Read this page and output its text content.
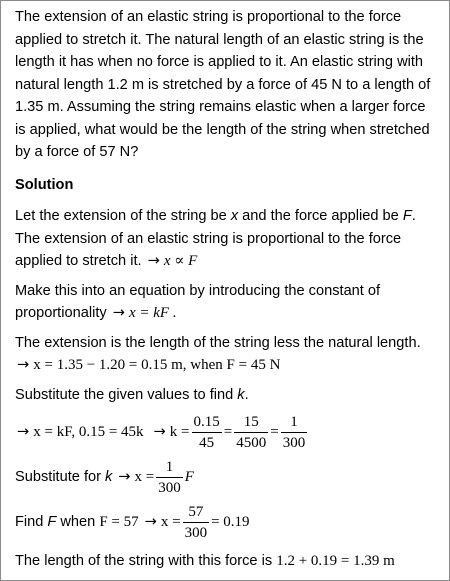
The extension of an elastic string is proportional to the force applied to stretch it. The natural length of an elastic string is the length it has when no force is applied to it. An elastic string with natural length 1.2 m is stretched by a force of 45 N to a length of 1.35 m. Assuming the string remains elastic when a larger force is applied, what would be the length of the string when stretched by a force of 57 N?

Solution

Let the extension of the string be x and the force applied be F. The extension of an elastic string is proportional to the force applied to stretch it. → x ∝ F

Make this into an equation by introducing the constant of proportionality → x = kF .

The extension is the length of the string less the natural length.
→ x = 1.35 − 1.20 = 0.15 m, when F = 45 N

Substitute the given values to find k.

→ x = kF, $0.15 = 45k \to k = \frac{0.15}{45} = \frac{15}{4500} = \frac{1}{300}$
Substitute for $k \to x = \frac{1}{300}$ F
Find F when $F = 57 \to x = \frac{57}{300} = 0.19$

The length of the string with this force is 1.2 + 0.19 = 1.39 m
